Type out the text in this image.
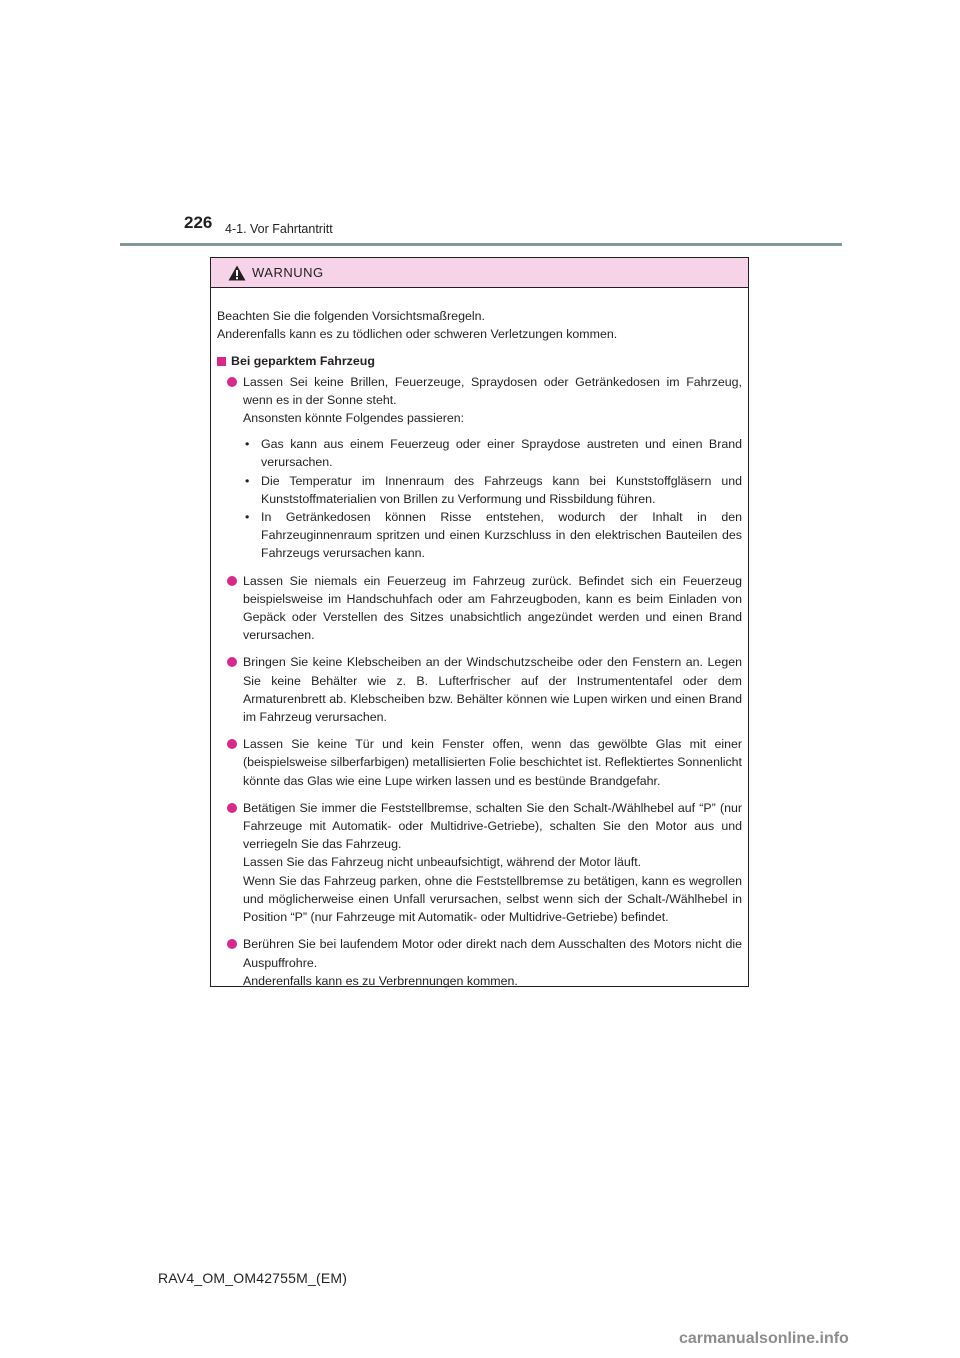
226 4-1. Vor Fahrtantritt
WARNUNG
Beachten Sie die folgenden Vorsichtsmaßregeln.
Anderenfalls kann es zu tödlichen oder schweren Verletzungen kommen.
Bei geparktem Fahrzeug
Lassen Sei keine Brillen, Feuerzeuge, Spraydosen oder Getränkedosen im Fahrzeug, wenn es in der Sonne steht.
Ansonsten könnte Folgendes passieren:
• Gas kann aus einem Feuerzeug oder einer Spraydose austreten und einen Brand verursachen.
• Die Temperatur im Innenraum des Fahrzeugs kann bei Kunststoffgläsern und Kunststoffmaterialien von Brillen zu Verformung und Rissbildung führen.
• In Getränkedosen können Risse entstehen, wodurch der Inhalt in den Fahrzeuginnenraum spritzen und einen Kurzschluss in den elektrischen Bauteilen des Fahrzeugs verursachen kann.
Lassen Sie niemals ein Feuerzeug im Fahrzeug zurück. Befindet sich ein Feuerzeug beispielsweise im Handschuhfach oder am Fahrzeugboden, kann es beim Einladen von Gepäck oder Verstellen des Sitzes unabsichtlich angezündet werden und einen Brand verursachen.
Bringen Sie keine Klebscheiben an der Windschutzscheibe oder den Fenstern an. Legen Sie keine Behälter wie z. B. Lufterfrischer auf der Instrumententafel oder dem Armaturenbrett ab. Klebscheiben bzw. Behälter können wie Lupen wirken und einen Brand im Fahrzeug verursachen.
Lassen Sie keine Tür und kein Fenster offen, wenn das gewölbte Glas mit einer (beispielsweise silberfarbigen) metallisierten Folie beschichtet ist. Reflektiertes Sonnenlicht könnte das Glas wie eine Lupe wirken lassen und es bestünde Brandgefahr.
Betätigen Sie immer die Feststellbremse, schalten Sie den Schalt-/Wählhebel auf “P” (nur Fahrzeuge mit Automatik- oder Multidrive-Getriebe), schalten Sie den Motor aus und verriegeln Sie das Fahrzeug.
Lassen Sie das Fahrzeug nicht unbeaufsichtigt, während der Motor läuft.
Wenn Sie das Fahrzeug parken, ohne die Feststellbremse zu betätigen, kann es wegrollen und möglicherweise einen Unfall verursachen, selbst wenn sich der Schalt-/Wählhebel in Position “P” (nur Fahrzeuge mit Automatik- oder Multidrive-Getriebe) befindet.
Berühren Sie bei laufendem Motor oder direkt nach dem Ausschalten des Motors nicht die Auspuffrohre.
Anderenfalls kann es zu Verbrennungen kommen.
RAV4_OM_OM42755M_(EM)
carmanualsonline.info
